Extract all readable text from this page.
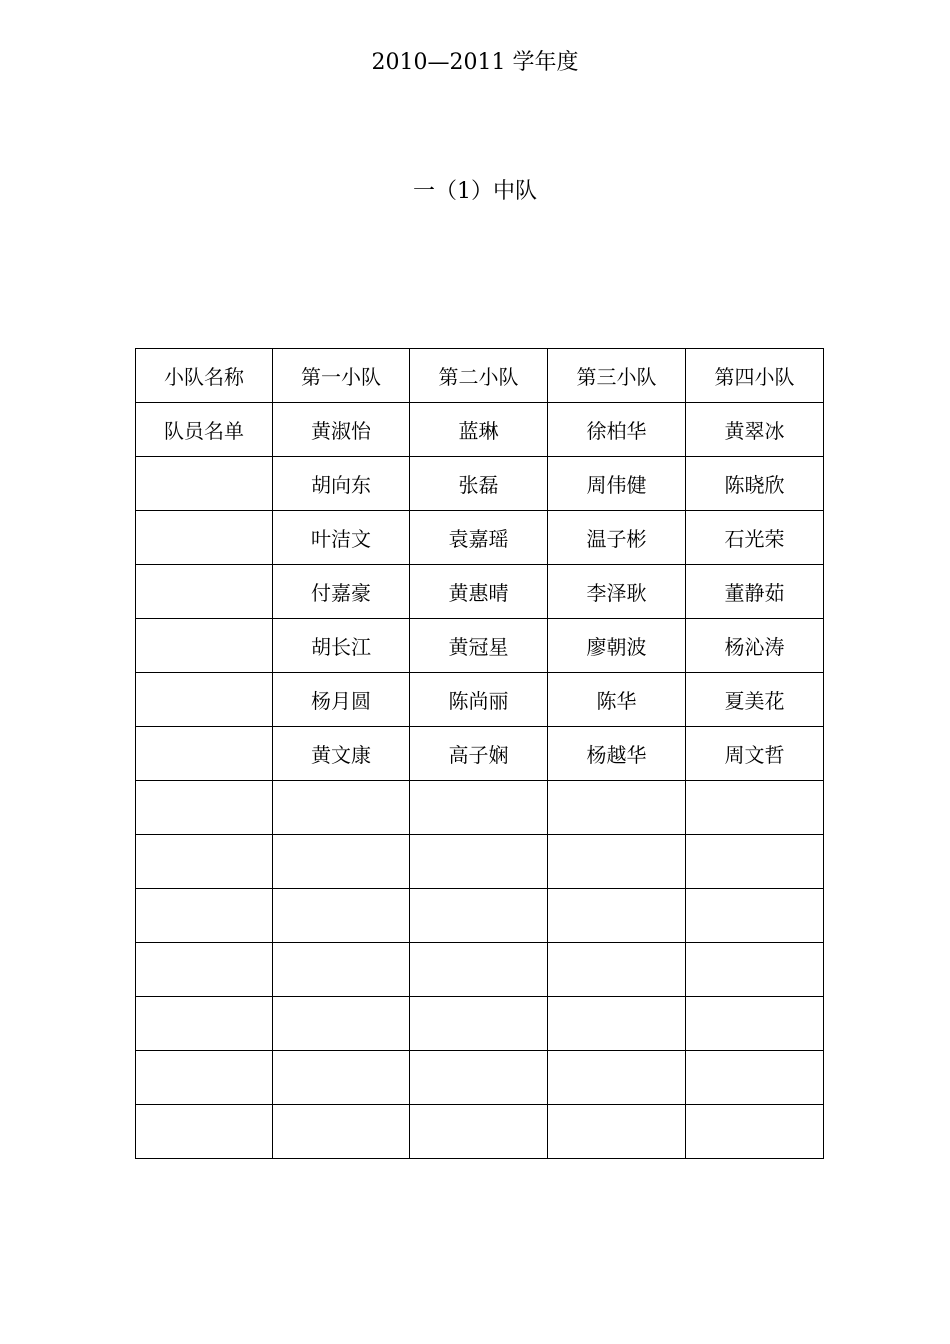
2010—2011 学年度
一（1）中队
小队名称	第一小队	第二小队	第三小队	第四小队
队员名单	黄淑怡	蓝琳	徐柏华	黄翠冰
	胡向东	张磊	周伟健	陈晓欣
	叶洁文	袁嘉瑶	温子彬	石光荣
	付嘉豪	黄惠晴	李泽耿	董静茹
	胡长江	黄冠星	廖朝波	杨沁涛
	杨月圆	陈尚丽	陈华	夏美花
	黄文康	高子娴	杨越华	周文哲
